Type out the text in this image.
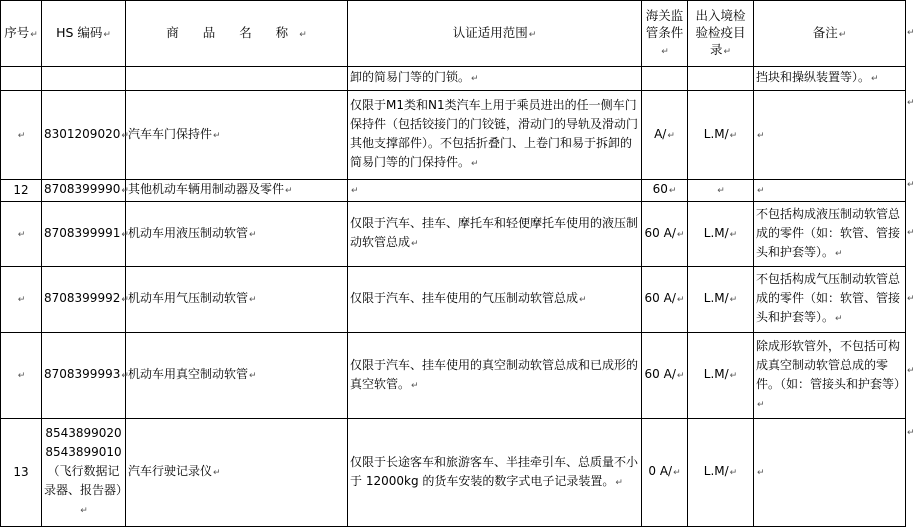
序号↵	HS 编码↵	商 品 名 称↵	认证适用范围↵	海关监管条件↵	出入境检验检疫目录↵	备注↵
			卸的简易门等的门锁。↵			挡块和操纵装置等）。↵
↵	8301209020↵	汽车车门保持件↵	仅限于M1类和N1类汽车上用于乘员进出的任一侧车门保持件（包括铰接门的门铰链，滑动门的导轨及滑动门其他支撑部件）。不包括折叠门、上卷门和易于拆卸的简易门等的门保持件。↵	A/↵	L.M/↵	↵
12	8708399990↵	其他机动车辆用制动器及零件↵	↵	60↵	↵	↵
↵	8708399991↵	机动车用液压制动软管↵	仅限于汽车、挂车、摩托车和轻便摩托车使用的液压制动软管总成↵	60 A/↵	L.M/↵	不包括构成液压制动软管总成的零件（如：软管、管接头和护套等）。↵
↵	8708399992↵	机动车用气压制动软管↵	仅限于汽车、挂车使用的气压制动软管总成↵	60 A/↵	L.M/↵	不包括构成气压制动软管总成的零件（如：软管、管接头和护套等）。↵
↵	8708399993↵	机动车用真空制动软管↵	仅限于汽车、挂车使用的真空制动软管总成和已成形的真空软管。↵	60 A/↵	L.M/↵	除成形软管外，不包括可构成真空制动软管总成的零件。（如：管接头和护套等）↵
13	8543899020 8543899010 （飞行数据记录器、报告器）↵	汽车行驶记录仪↵	仅限于长途客车和旅游客车、半挂牵引车、总质量不小于 12000kg 的货车安装的数字式电子记录装置。↵	0 A/↵	L.M/↵	↵
↵
↵
↵
↵
↵
↵
↵
